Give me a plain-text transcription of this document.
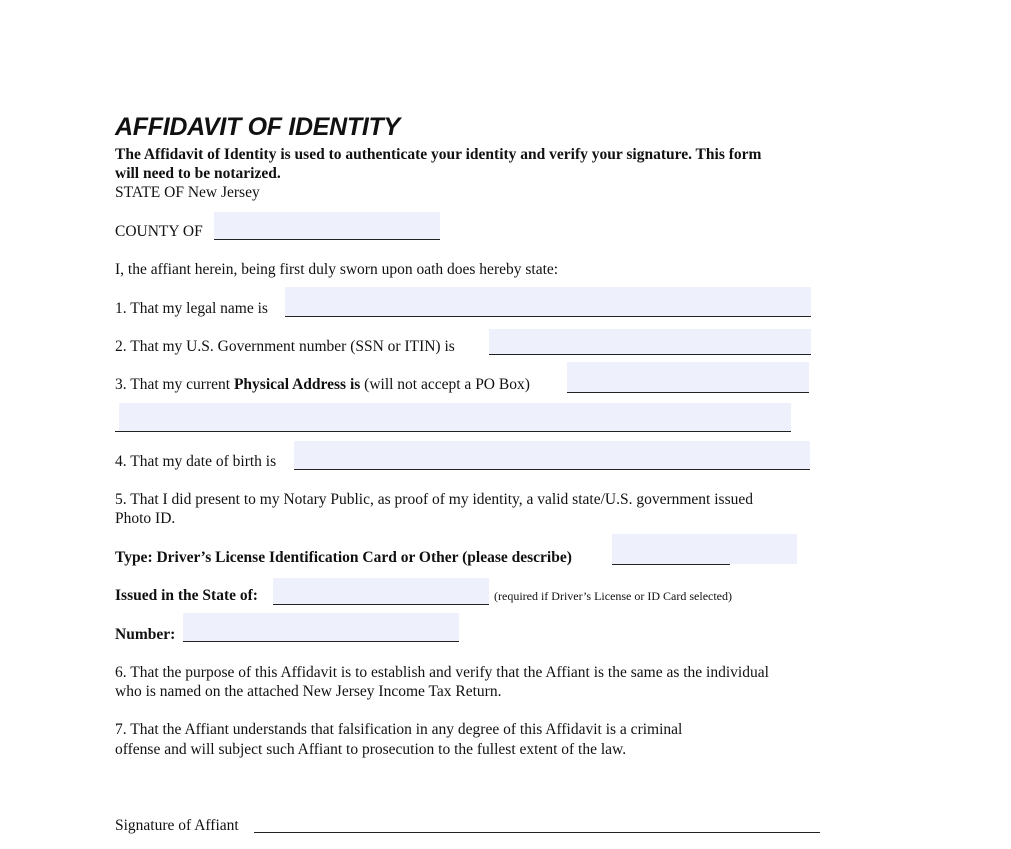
AFFIDAVIT OF IDENTITY
The Affidavit of Identity is used to authenticate your identity and verify your signature. This form
will need to be notarized.
STATE OF New Jersey
COUNTY OF
I, the affiant herein, being first duly sworn upon oath does hereby state:
1. That my legal name is
2. That my U.S. Government number (SSN or ITIN) is
3. That my current Physical Address is (will not accept a PO Box)
4. That my date of birth is
5. That I did present to my Notary Public, as proof of my identity, a valid state/U.S. government issued
Photo ID.
Type: Driver’s License Identification Card or Other (please describe)
Issued in the State of:	(required if Driver’s License or ID Card selected)
Number:
6. That the purpose of this Affidavit is to establish and verify that the Affiant is the same as the individual
who is named on the attached New Jersey Income Tax Return.
7. That the Affiant understands that falsification in any degree of this Affidavit is a criminal
offense and will subject such Affiant to prosecution to the fullest extent of the law.
Signature of Affiant
